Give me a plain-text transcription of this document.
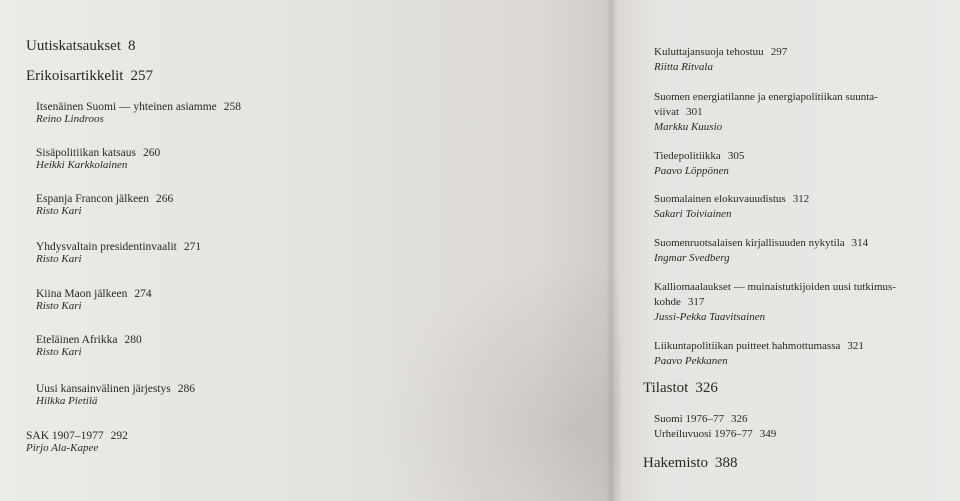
Uutiskatsaukset 8
Erikoisartikkelit 257
Itsenäinen Suomi — yhteinen asiamme 258
Reino Lindroos
Sisäpolitiikan katsaus 260
Heikki Karkkolainen
Espanja Francon jälkeen 266
Risto Kari
Yhdysvaltain presidentinvaalit 271
Risto Kari
Kiina Maon jälkeen 274
Risto Kari
Eteläinen Afrikka 280
Risto Kari
Uusi kansainvälinen järjestys 286
Hilkka Pietilä
SAK 1907–1977 292
Pirjo Ala-Kapee
Kuluttajansuoja tehostuu 297
Riitta Ritvala
Suomen energiatilanne ja energiapolitiikan suunta-
viivat 301
Markku Kuusio
Tiedepolitiikka 305
Paavo Löppönen
Suomalainen elokuvauudistus 312
Sakari Toiviainen
Suomenruotsalaisen kirjallisuuden nykytila 314
Ingmar Svedberg
Kalliomaalaukset — muinaistutkijoiden uusi tutkimus-
kohde 317
Jussi-Pekka Taavitsainen
Liikuntapolitiikan puitteet hahmottumassa 321
Paavo Pekkanen
Tilastot 326
Suomi 1976–77 326
Urheiluvuosi 1976–77 349
Hakemisto 388
